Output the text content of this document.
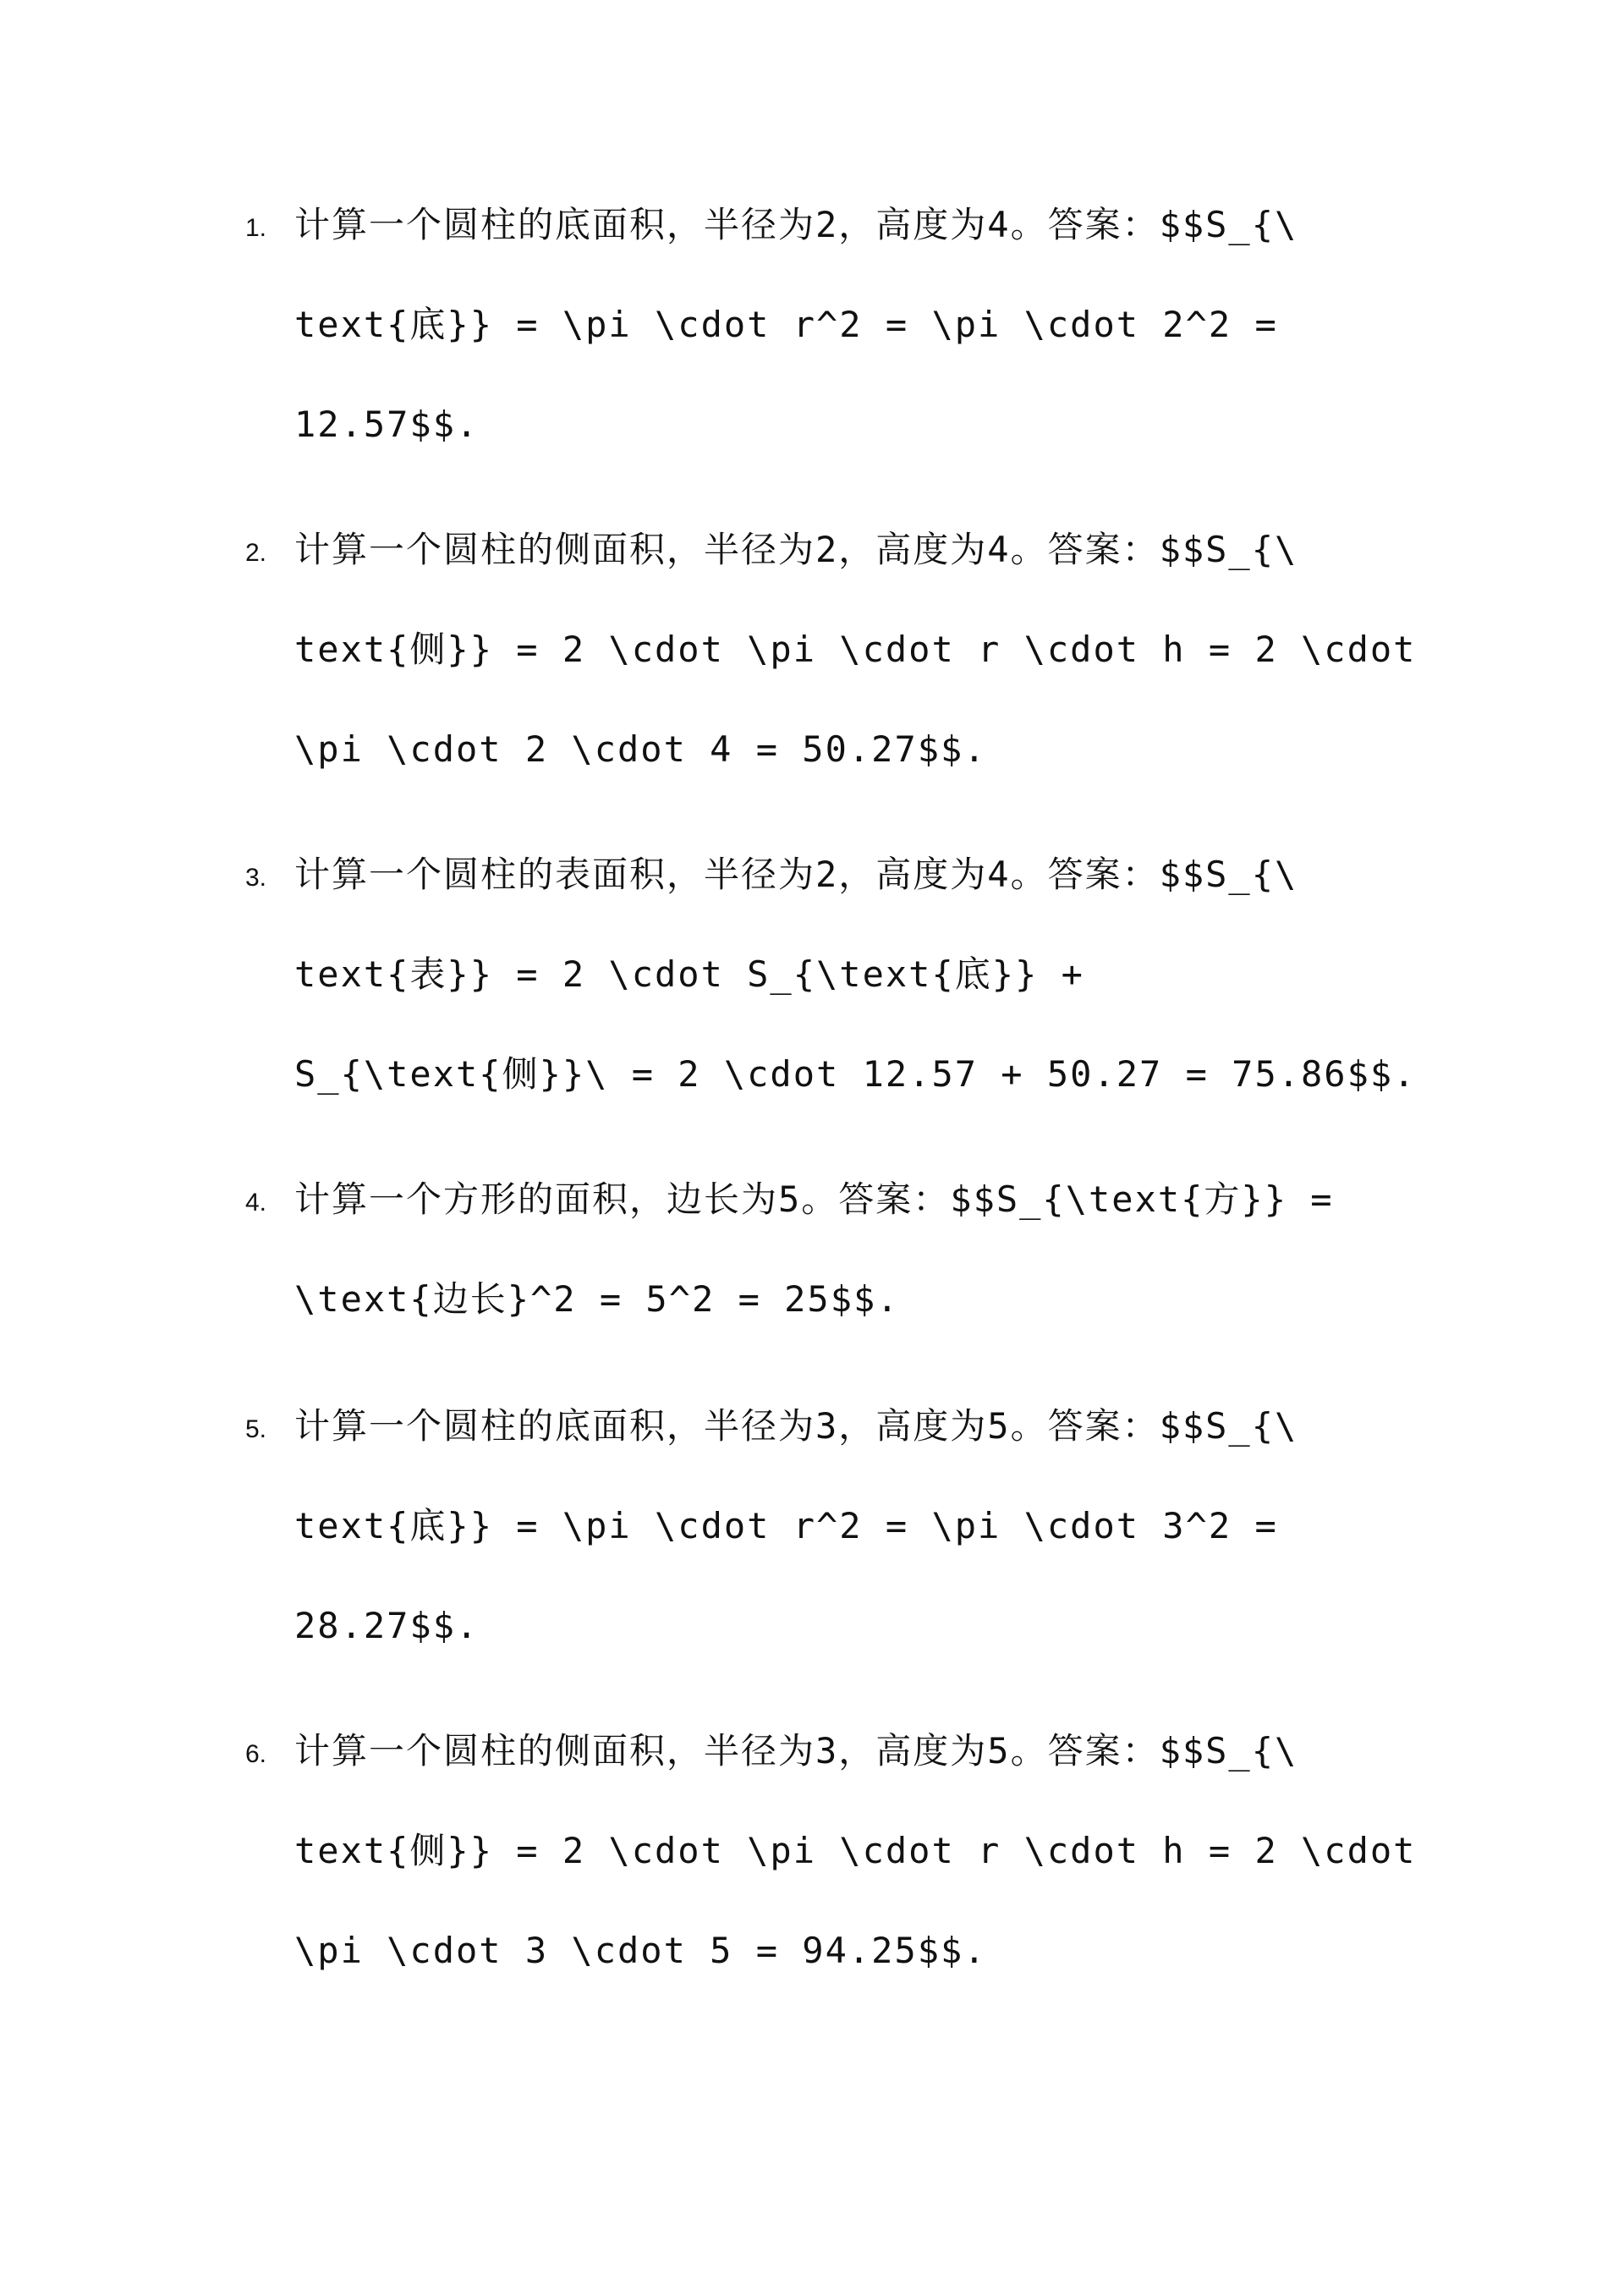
1. 计算一个圆柱的底面积，半径为2，高度为4。答案：$$S_{\
text{底}} = \pi \cdot r^2 = \pi \cdot 2^2 =
12.57$$.
2. 计算一个圆柱的侧面积，半径为2，高度为4。答案：$$S_{\
text{侧}} = 2 \cdot \pi \cdot r \cdot h = 2 \cdot
\pi \cdot 2 \cdot 4 = 50.27$$.
3. 计算一个圆柱的表面积，半径为2，高度为4。答案：$$S_{\
text{表}} = 2 \cdot S_{\text{底}} +
S_{\text{侧}}\ = 2 \cdot 12.57 + 50.27 = 75.86$$.
4. 计算一个方形的面积，边长为5。答案：$$S_{\text{方}} =
\text{边长}^2 = 5^2 = 25$$.
5. 计算一个圆柱的底面积，半径为3，高度为5。答案：$$S_{\
text{底}} = \pi \cdot r^2 = \pi \cdot 3^2 =
28.27$$.
6. 计算一个圆柱的侧面积，半径为3，高度为5。答案：$$S_{\
text{侧}} = 2 \cdot \pi \cdot r \cdot h = 2 \cdot
\pi \cdot 3 \cdot 5 = 94.25$$.
